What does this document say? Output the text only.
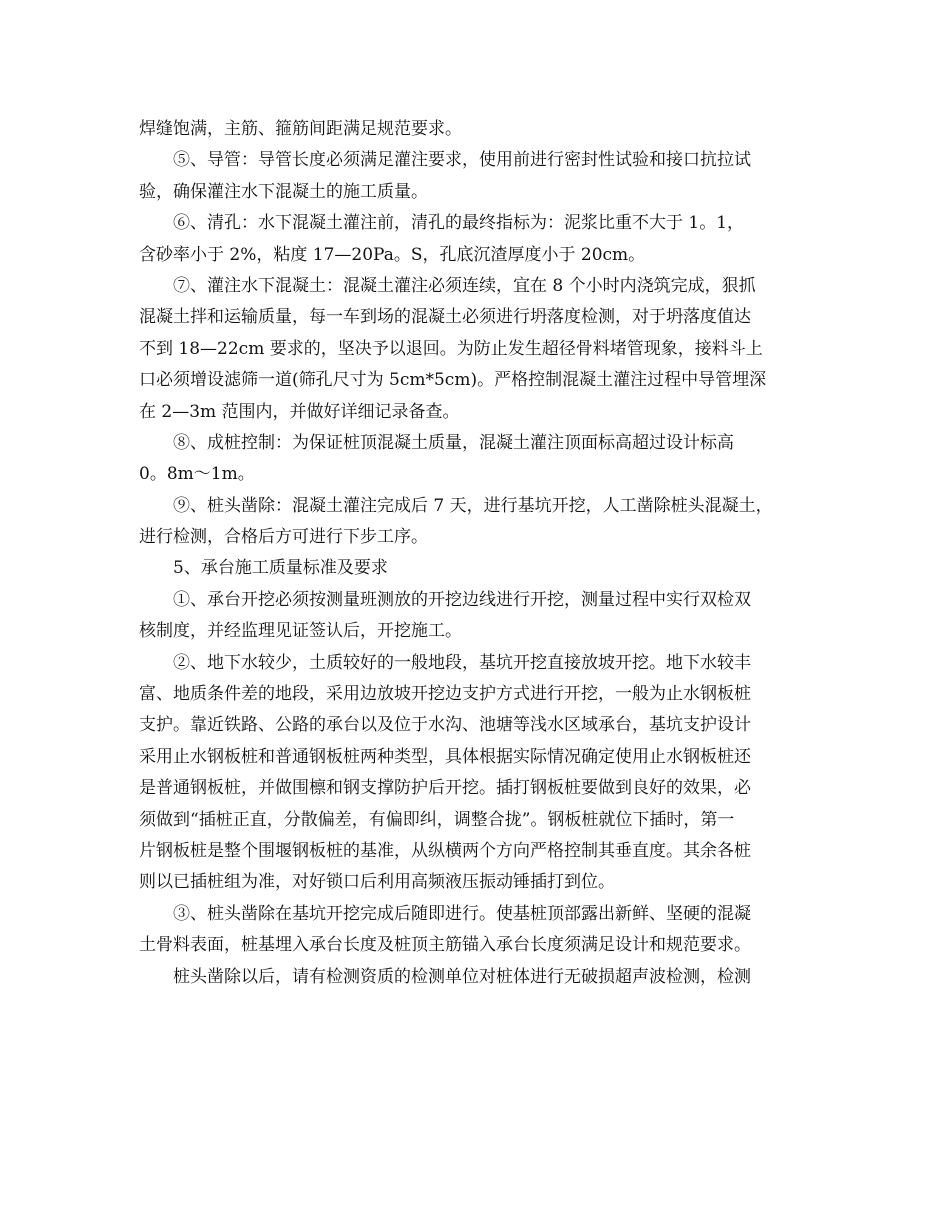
焊缝饱满，主筋、箍筋间距满足规范要求。
⑤、导管：导管长度必须满足灌注要求，使用前进行密封性试验和接口抗拉试
验，确保灌注水下混凝土的施工质量。
⑥、清孔：水下混凝土灌注前，清孔的最终指标为：泥浆比重不大于 1。1，
含砂率小于 2%，粘度 17—20Pa。S，孔底沉渣厚度小于 20cm。
⑦、灌注水下混凝土：混凝土灌注必须连续，宜在 8 个小时内浇筑完成，狠抓
混凝土拌和运输质量，每一车到场的混凝土必须进行坍落度检测，对于坍落度值达
不到 18—22cm 要求的，坚决予以退回。为防止发生超径骨料堵管现象，接料斗上
口必须增设滤筛一道(筛孔尺寸为 5cm*5cm)。严格控制混凝土灌注过程中导管埋深
在 2—3m 范围内，并做好详细记录备查。
⑧、成桩控制：为保证桩顶混凝土质量，混凝土灌注顶面标高超过设计标高
0。8m～1m。
⑨、桩头凿除：混凝土灌注完成后 7 天，进行基坑开挖，人工凿除桩头混凝土，
进行检测，合格后方可进行下步工序。
5、承台施工质量标准及要求
①、承台开挖必须按测量班测放的开挖边线进行开挖，测量过程中实行双检双
核制度，并经监理见证签认后，开挖施工。
②、地下水较少，土质较好的一般地段，基坑开挖直接放坡开挖。地下水较丰
富、地质条件差的地段，采用边放坡开挖边支护方式进行开挖，一般为止水钢板桩
支护。靠近铁路、公路的承台以及位于水沟、池塘等浅水区域承台，基坑支护设计
采用止水钢板桩和普通钢板桩两种类型，具体根据实际情况确定使用止水钢板桩还
是普通钢板桩，并做围檩和钢支撑防护后开挖。插打钢板桩要做到良好的效果，必
须做到“插桩正直，分散偏差，有偏即纠，调整合拢”。钢板桩就位下插时，第一
片钢板桩是整个围堰钢板桩的基准，从纵横两个方向严格控制其垂直度。其余各桩
则以已插桩组为准，对好锁口后利用高频液压振动锤插打到位。
③、桩头凿除在基坑开挖完成后随即进行。使基桩顶部露出新鲜、坚硬的混凝
土骨料表面，桩基埋入承台长度及桩顶主筋锚入承台长度须满足设计和规范要求。
桩头凿除以后，请有检测资质的检测单位对桩体进行无破损超声波检测，检测
